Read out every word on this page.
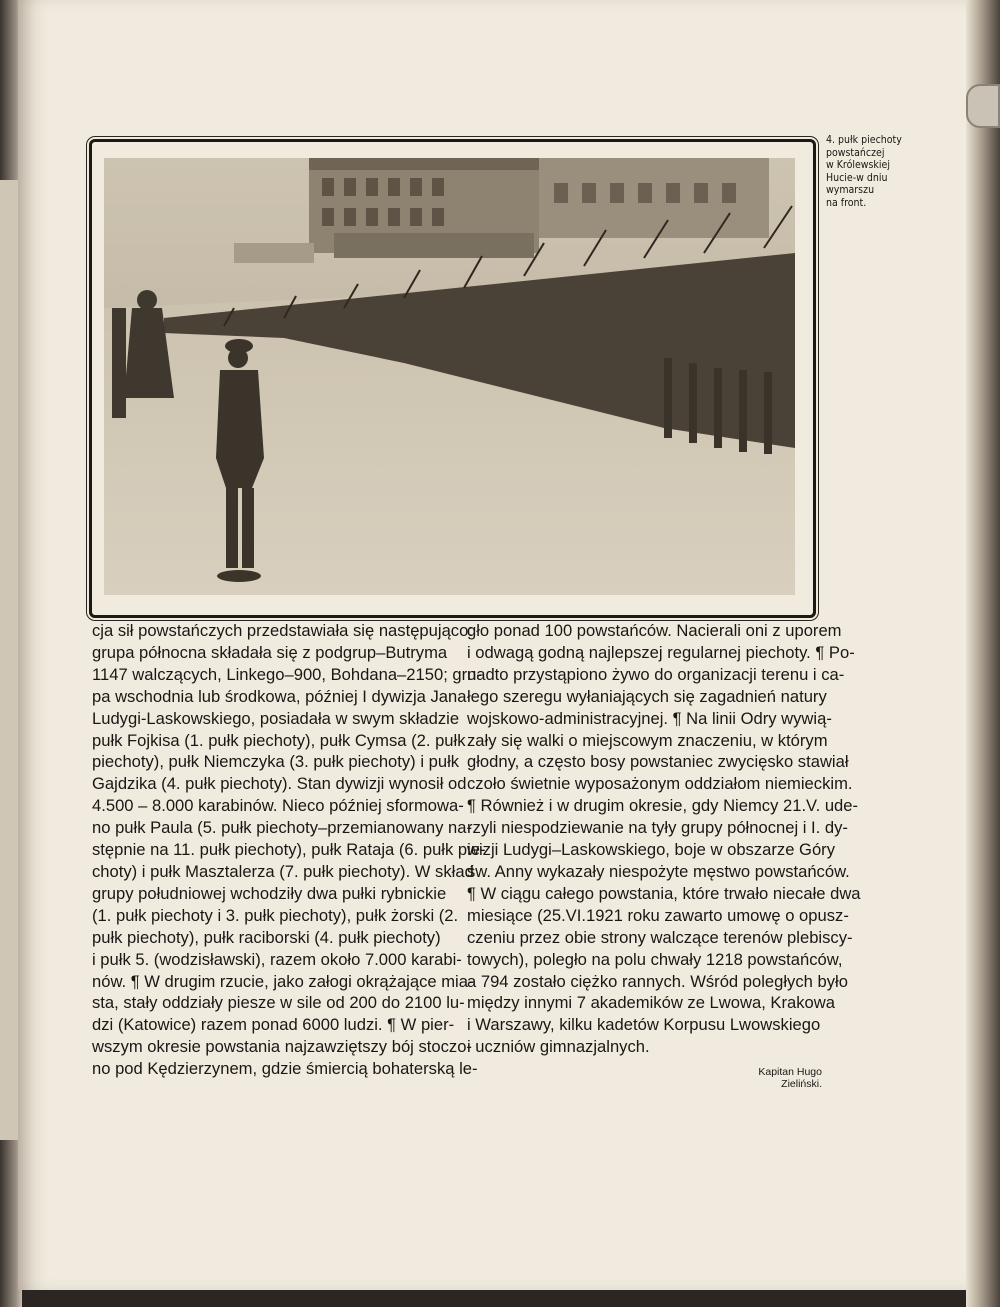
4. pułk piechoty
powstańczej
w Królewskiej
Hucie-w dniu
wymarszu
na front.
cja sił powstańczych przedstawiała się następująco:
grupa północna składała się z podgrup–Butryma
1147 walczących, Linkego–900, Bohdana–2150; gru-
pa wschodnia lub środkowa, później I dywizja Jana
Ludygi-Laskowskiego, posiadała w swym składzie
pułk Fojkisa (1. pułk piechoty), pułk Cymsa (2. pułk
piechoty), pułk Niemczyka (3. pułk piechoty) i pułk
Gajdzika (4. pułk piechoty). Stan dywizji wynosił od
4.500 – 8.000 karabinów. Nieco później sformowa-
no pułk Paula (5. pułk piechoty–przemianowany na-
stępnie na 11. pułk piechoty), pułk Rataja (6. pułk pie-
choty) i pułk Masztalerza (7. pułk piechoty). W skład
grupy południowej wchodziły dwa pułki rybnickie
(1. pułk piechoty i 3. pułk piechoty), pułk żorski (2.
pułk piechoty), pułk raciborski (4. pułk piechoty)
i pułk 5. (wodzisławski), razem około 7.000 karabi-
nów. ¶ W drugim rzucie, jako załogi okrążające mia-
sta, stały oddziały piesze w sile od 200 do 2100 lu-
dzi (Katowice) razem ponad 6000 ludzi. ¶ W pier-
wszym okresie powstania najzawziętszy bój stoczo-
no pod Kędzierzynem, gdzie śmiercią bohaterską le-
gło ponad 100 powstańców. Nacierali oni z uporem
i odwagą godną najlepszej regularnej piechoty. ¶ Po-
nadto przystąpiono żywo do organizacji terenu i ca-
łego szeregu wyłaniających się zagadnień natury
wojskowo-administracyjnej. ¶ Na linii Odry wywią-
zały się walki o miejscowym znaczeniu, w którym
głodny, a często bosy powstaniec zwycięsko stawiał
czoło świetnie wyposażonym oddziałom niemieckim.
¶ Również i w drugim okresie, gdy Niemcy 21.V. ude-
rzyli niespodziewanie na tyły grupy północnej i I. dy-
wizji Ludygi–Laskowskiego, boje w obszarze Góry
św. Anny wykazały niespożyte męstwo powstańców.
¶ W ciągu całego powstania, które trwało niecałe dwa
miesiące (25.VI.1921 roku zawarto umowę o opusz-
czeniu przez obie strony walczące terenów plebiscy-
towych), poległo na polu chwały 1218 powstańców,
a 794 zostało ciężko rannych. Wśród poległych było
między innymi 7 akademików ze Lwowa, Krakowa
i Warszawy, kilku kadetów Korpusu Lwowskiego
i uczniów gimnazjalnych.
Kapitan Hugo Zieliński.
